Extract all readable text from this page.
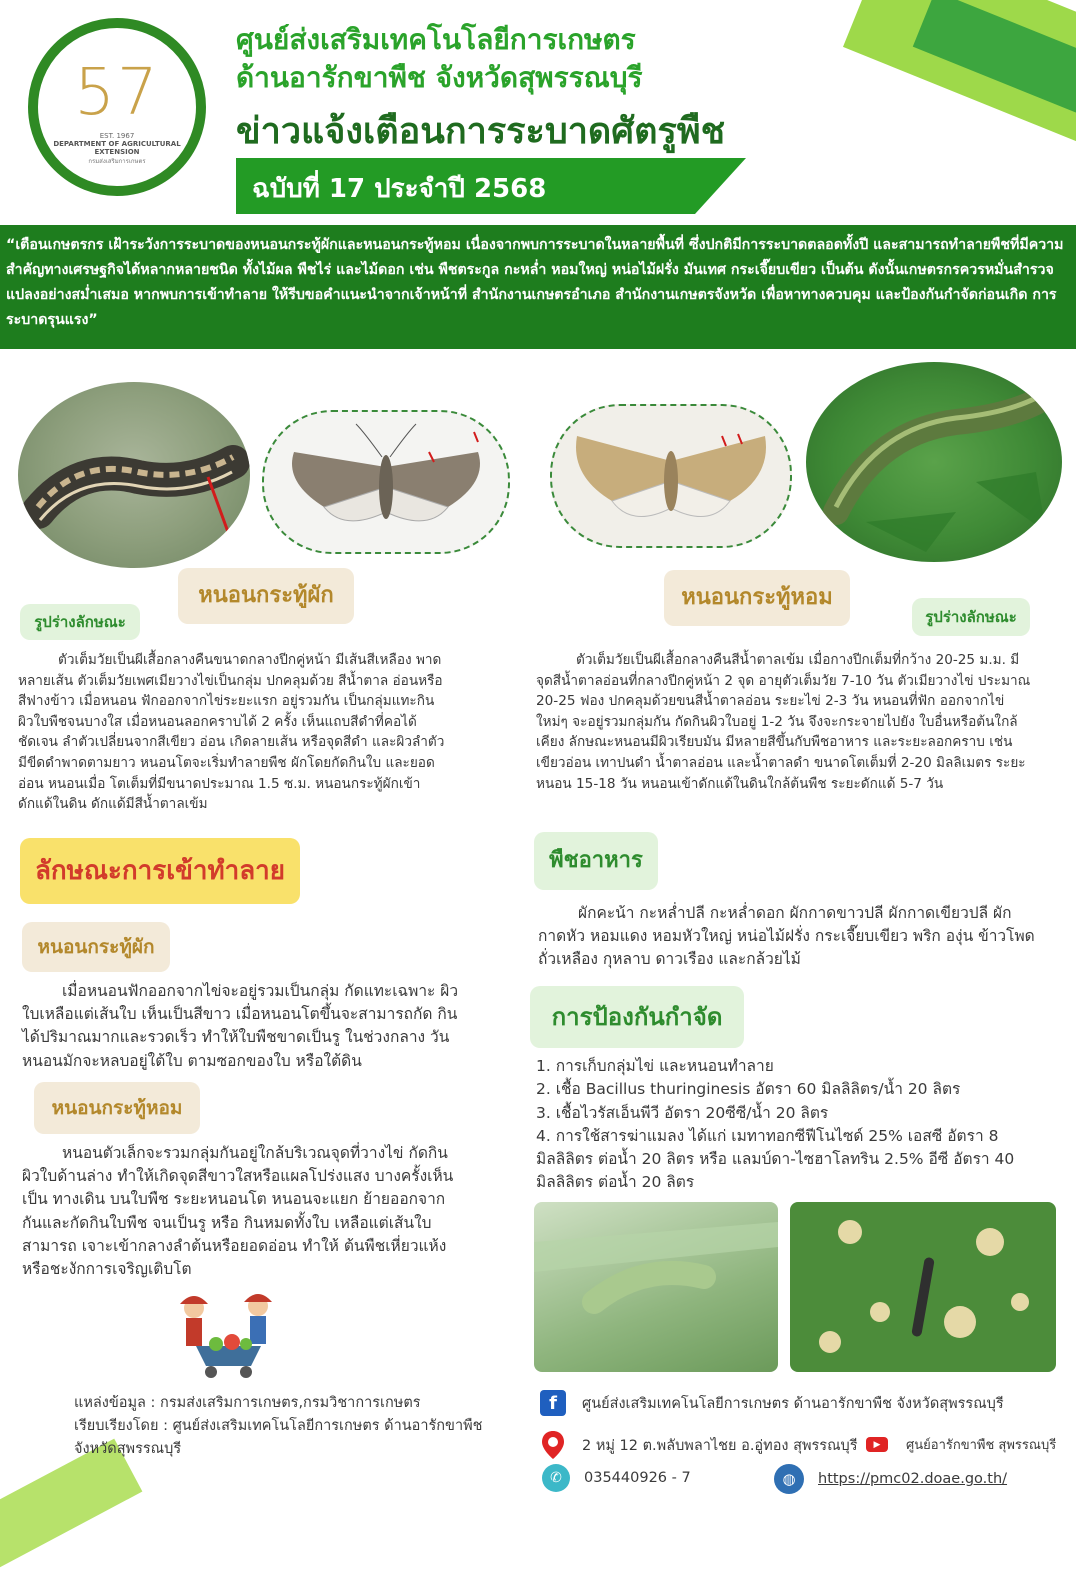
57
EST. 1967
DEPARTMENT OF AGRICULTURAL EXTENSION
กรมส่งเสริมการเกษตร
ศูนย์ส่งเสริมเทคโนโลยีการเกษตร
ด้านอารักขาพืช จังหวัดสุพรรณบุรี
ข่าวแจ้งเตือนการระบาดศัตรูพืช
ฉบับที่ 17 ประจำปี 2568
“เตือนเกษตรกร เฝ้าระวังการระบาดของหนอนกระทู้ผักและหนอนกระทู้หอม เนื่องจากพบการระบาดในหลายพื้นที่ ซึ่งปกติมีการระบาดตลอดทั้งปี และสามารถทำลายพืชที่มีความสำคัญทางเศรษฐกิจได้หลากหลายชนิด ทั้งไม้ผล พืชไร่ และไม้ดอก เช่น พืชตระกูล กะหล่ำ หอมใหญ่ หน่อไม้ฝรั่ง มันเทศ กระเจี๊ยบเขียว เป็นต้น ดังนั้นเกษตรกรควรหมั่นสำรวจ แปลงอย่างสม่ำเสมอ หากพบการเข้าทำลาย ให้รีบขอคำแนะนำจากเจ้าหน้าที่ สำนักงานเกษตรอำเภอ สำนักงานเกษตรจังหวัด เพื่อหาทางควบคุม และป้องกันกำจัดก่อนเกิด การระบาดรุนแรง”
หนอนกระทู้ผัก
รูปร่างลักษณะ
หนอนกระทู้หอม
รูปร่างลักษณะ
ตัวเต็มวัยเป็นผีเสื้อกลางคืนขนาดกลางปีกคู่หน้า มีเส้นสีเหลือง พาดหลายเส้น ตัวเต็มวัยเพศเมียวางไข่เป็นกลุ่ม ปกคลุมด้วย สีน้ำตาล อ่อนหรือ สีฟางข้าว เมื่อหนอน ฟักออกจากไข่ระยะแรก อยู่รวมกัน เป็นกลุ่มแทะกินผิวใบพืชจนบางใส เมื่อหนอนลอกคราบได้ 2 ครั้ง เห็นแถบสีดำที่คอได้ชัดเจน ลำตัวเปลี่ยนจากสีเขียว อ่อน เกิดลายเส้น หรือจุดสีดำ และผิวลำตัวมีขีดดำพาดตามยาว หนอนโตจะเริ่มทำลายพืช ผักโดยกัดกินใบ และยอดอ่อน หนอนเมื่อ โตเต็มที่มีขนาดประมาณ 1.5 ซ.ม. หนอนกระทู้ผักเข้าดักแด้ในดิน ดักแด้มีสีน้ำตาลเข้ม
ตัวเต็มวัยเป็นผีเสื้อกลางคืนสีน้ำตาลเข้ม เมื่อกางปีกเต็มที่กว้าง 20-25 ม.ม. มีจุดสีน้ำตาลอ่อนที่กลางปีกคู่หน้า 2 จุด อายุตัวเต็มวัย 7-10 วัน ตัวเมียวางไข่ ประมาณ 20-25 ฟอง ปกคลุมด้วยขนสีน้ำตาลอ่อน ระยะไข่ 2-3 วัน หนอนที่ฟัก ออกจากไข่ใหม่ๆ จะอยู่รวมกลุ่มกัน กัดกินผิวใบอยู่ 1-2 วัน จึงจะกระจายไปยัง ใบอื่นหรือต้นใกล้เคียง ลักษณะหนอนมีผิวเรียบมัน มีหลายสีขึ้นกับพืชอาหาร และระยะลอกคราบ เช่น เขียวอ่อน เทาปนดำ น้ำตาลอ่อน และน้ำตาลดำ ขนาดโตเต็มที่ 2-20 มิลลิเมตร ระยะหนอน 15-18 วัน หนอนเข้าดักแด้ในดินใกล้ต้นพืช ระยะดักแด้ 5-7 วัน
ลักษณะการเข้าทำลาย
หนอนกระทู้ผัก
เมื่อหนอนฟักออกจากไข่จะอยู่รวมเป็นกลุ่ม กัดแทะเฉพาะ ผิวใบเหลือแต่เส้นใบ เห็นเป็นสีขาว เมื่อหนอนโตขึ้นจะสามารถกัด กินได้ปริมาณมากและรวดเร็ว ทำให้ใบพืชขาดเป็นรู ในช่วงกลาง วันหนอนมักจะหลบอยู่ใต้ใบ ตามซอกของใบ หรือใต้ดิน
หนอนกระทู้หอม
หนอนตัวเล็กจะรวมกลุ่มกันอยู่ใกล้บริเวณจุดที่วางไข่ กัดกิน ผิวใบด้านล่าง ทำให้เกิดจุดสีขาวใสหรือแผลโปร่งแสง บางครั้งเห็นเป็น ทางเดิน บนใบพืช ระยะหนอนโต หนอนจะแยก ย้ายออกจากกันและกัดกินใบพืช จนเป็นรู หรือ กินหมดทั้งใบ เหลือแต่เส้นใบสามารถ เจาะเข้ากลางลำต้นหรือยอดอ่อน ทำให้ ต้นพืชเหี่ยวแห้งหรือชะงักการเจริญเติบโต
พืชอาหาร
ผักคะน้า กะหล่ำปลี กะหล่ำดอก ผักกาดขาวปลี ผักกาดเขียวปลี ผักกาดหัว หอมแดง หอมหัวใหญ่ หน่อไม้ฝรั่ง กระเจี๊ยบเขียว พริก องุ่น ข้าวโพด ถั่วเหลือง กุหลาบ ดาวเรือง และกล้วยไม้
การป้องกันกำจัด
1. การเก็บกลุ่มไข่ และหนอนทำลาย
2. เชื้อ Bacillus thuringinesis อัตรา 60 มิลลิลิตร/น้ำ 20 ลิตร
3. เชื้อไวรัสเอ็นพีวี อัตรา 20ซีซี/น้ำ 20 ลิตร
4. การใช้สารฆ่าแมลง ได้แก่ เมทาทอกซีฟีโนไซด์ 25% เอสซี อัตรา 8 มิลลิลิตร ต่อน้ำ 20 ลิตร หรือ แลมบ์ดา-ไซฮาโลทริน 2.5% อีซี อัตรา 40 มิลลิลิตร ต่อน้ำ 20 ลิตร
แหล่งข้อมูล : กรมส่งเสริมการเกษตร,กรมวิชาการเกษตร
เรียบเรียงโดย : ศูนย์ส่งเสริมเทคโนโลยีการเกษตร ด้านอารักขาพืช จังหวัดสุพรรณบุรี
f	ศูนย์ส่งเสริมเทคโนโลยีการเกษตร ด้านอารักขาพืช จังหวัดสุพรรณบุรี
2 หมู่ 12 ต.พลับพลาไชย อ.อู่ทอง สุพรรณบุรี	▶	ศูนย์อารักขาพืช สุพรรณบุรี
✆	035440926 - 7	◍	https://pmc02.doae.go.th/
